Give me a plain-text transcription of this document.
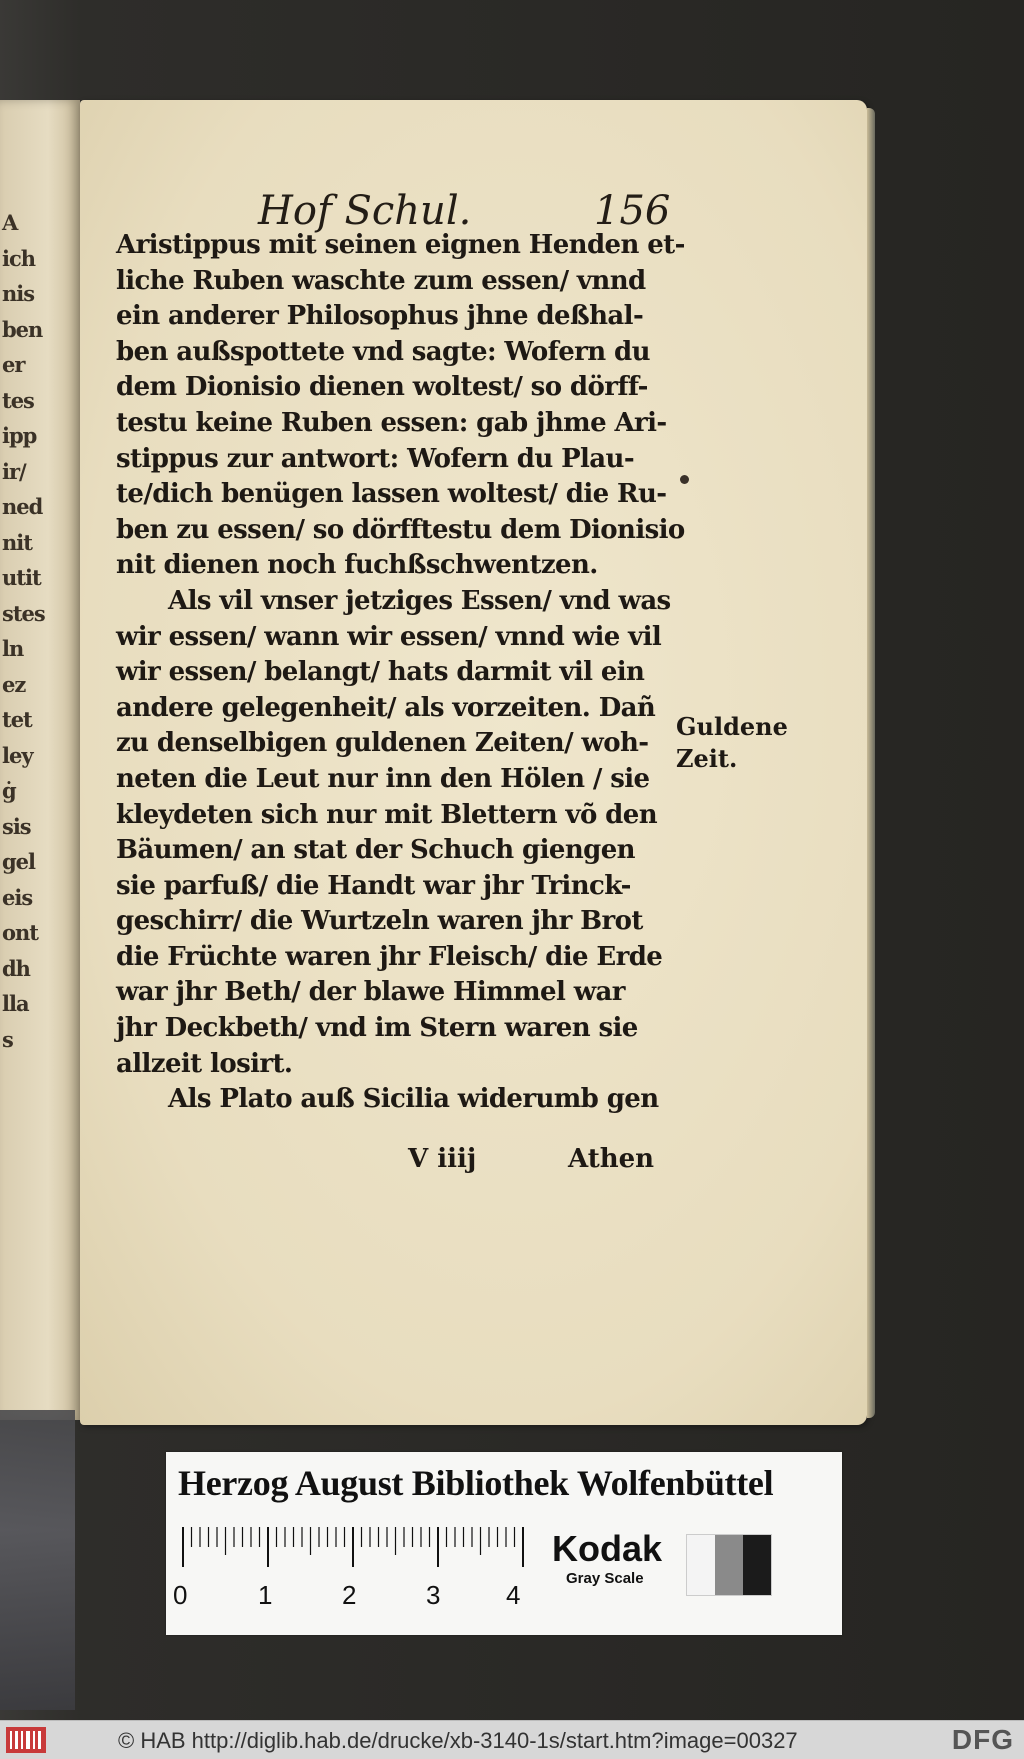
A
ich
nis
ben
er
tes
ipp
ir/
ned
nit
utit
stes
ln
ez
tet
ley
ġ
sis
gel
eis
ont
dh
lla
s
Hof Schul.	156
Aristippus mit seinen eignen Henden et-
liche Ruben waschte zum essen/ vnnd
ein anderer Philosophus jhne deßhal-
ben außspottete vnd sagte: Wofern du
dem Dionisio dienen woltest/ so dörff-
testu keine Ruben essen: gab jhme Ari-
stippus zur antwort: Wofern du Plau-
te/dich benügen lassen woltest/ die Ru-
ben zu essen/ so dörfftestu dem Dionisio
nit dienen noch fuchßschwentzen.
Als vil vnser jetziges Essen/ vnd was
wir essen/ wann wir essen/ vnnd wie vil
wir essen/ belangt/ hats darmit vil ein
andere gelegenheit/ als vorzeiten. Dañ
zu denselbigen guldenen Zeiten/ woh-
neten die Leut nur inn den Hölen / sie
kleydeten sich nur mit Blettern võ den
Bäumen/ an stat der Schuch giengen
sie parfuß/ die Handt war jhr Trinck-
geschirr/ die Wurtzeln waren jhr Brot
die Früchte waren jhr Fleisch/ die Erde
war jhr Beth/ der blawe Himmel war
jhr Deckbeth/ vnd im Stern waren sie
allzeit losirt.
Als Plato auß Sicilia widerumb gen
Guldene
Zeit.
V iiij	Athen
Herzog August Bibliothek Wolfenbüttel
0	1	2	3	4
Kodak
Gray Scale
© HAB http://diglib.hab.de/drucke/xb-3140-1s/start.htm?image=00327	DFG
